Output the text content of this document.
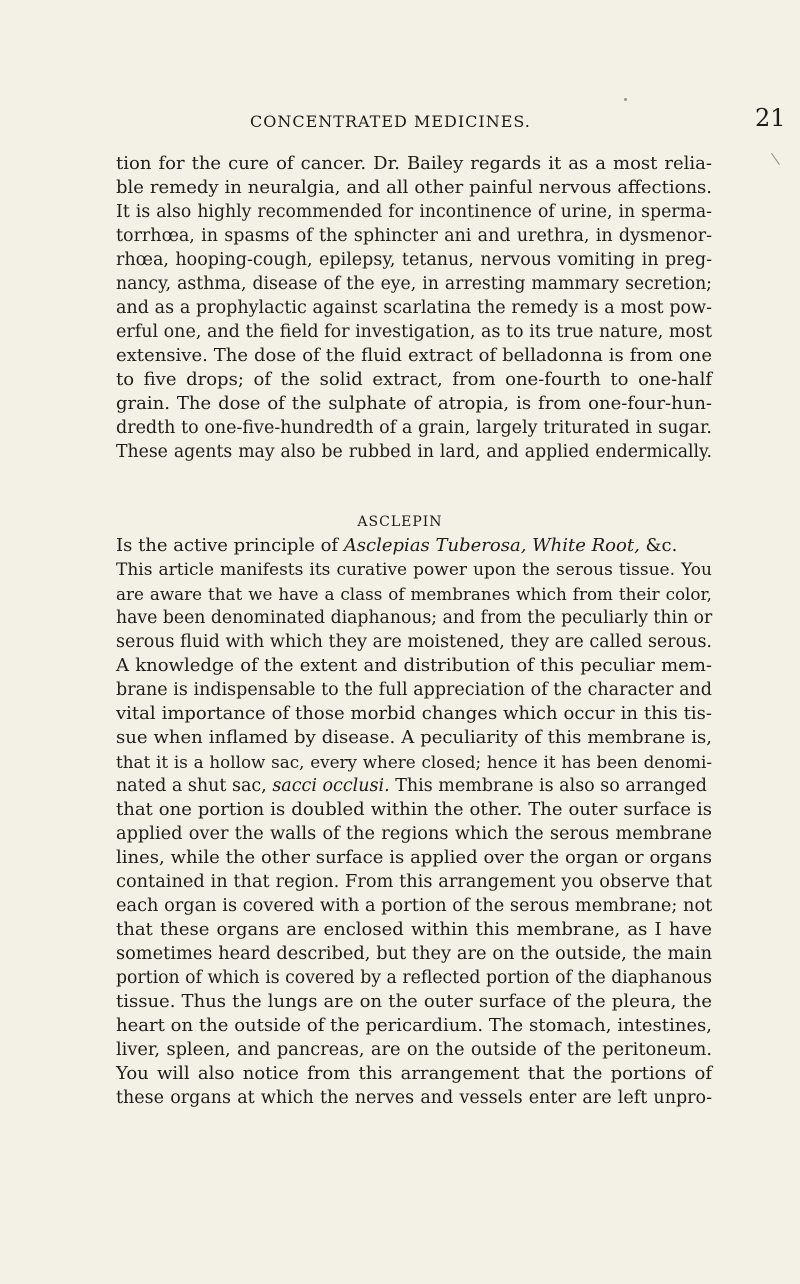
CONCENTRATED MEDICINES.	21
tion for the cure of cancer. Dr. Bailey regards it as a most relia-
ble remedy in neuralgia, and all other painful nervous affections.
It is also highly recommended for incontinence of urine, in sperma-
torrhœa, in spasms of the sphincter ani and urethra, in dysmenor-
rhœa, hooping-cough, epilepsy, tetanus, nervous vomiting in preg-
nancy, asthma, disease of the eye, in arresting mammary secretion;
and as a prophylactic against scarlatina the remedy is a most pow-
erful one, and the field for investigation, as to its true nature, most
extensive. The dose of the fluid extract of belladonna is from one
to five drops; of the solid extract, from one-fourth to one-half
grain. The dose of the sulphate of atropia, is from one-four-hun-
dredth to one-five-hundredth of a grain, largely triturated in sugar.
These agents may also be rubbed in lard, and applied endermically.
ASCLEPIN
Is the active principle of Asclepias Tuberosa, White Root, &c.
This article manifests its curative power upon the serous tissue. You
are aware that we have a class of membranes which from their color,
have been denominated diaphanous; and from the peculiarly thin or
serous fluid with which they are moistened, they are called serous.
A knowledge of the extent and distribution of this peculiar mem-
brane is indispensable to the full appreciation of the character and
vital importance of those morbid changes which occur in this tis-
sue when inflamed by disease. A peculiarity of this membrane is,
that it is a hollow sac, every where closed; hence it has been denomi-
nated a shut sac, sacci occlusi. This membrane is also so arranged
that one portion is doubled within the other. The outer surface is
applied over the walls of the regions which the serous membrane
lines, while the other surface is applied over the organ or organs
contained in that region. From this arrangement you observe that
each organ is covered with a portion of the serous membrane; not
that these organs are enclosed within this membrane, as I have
sometimes heard described, but they are on the outside, the main
portion of which is covered by a reflected portion of the diaphanous
tissue. Thus the lungs are on the outer surface of the pleura, the
heart on the outside of the pericardium. The stomach, intestines,
liver, spleen, and pancreas, are on the outside of the peritoneum.
You will also notice from this arrangement that the portions of
these organs at which the nerves and vessels enter are left unpro-
